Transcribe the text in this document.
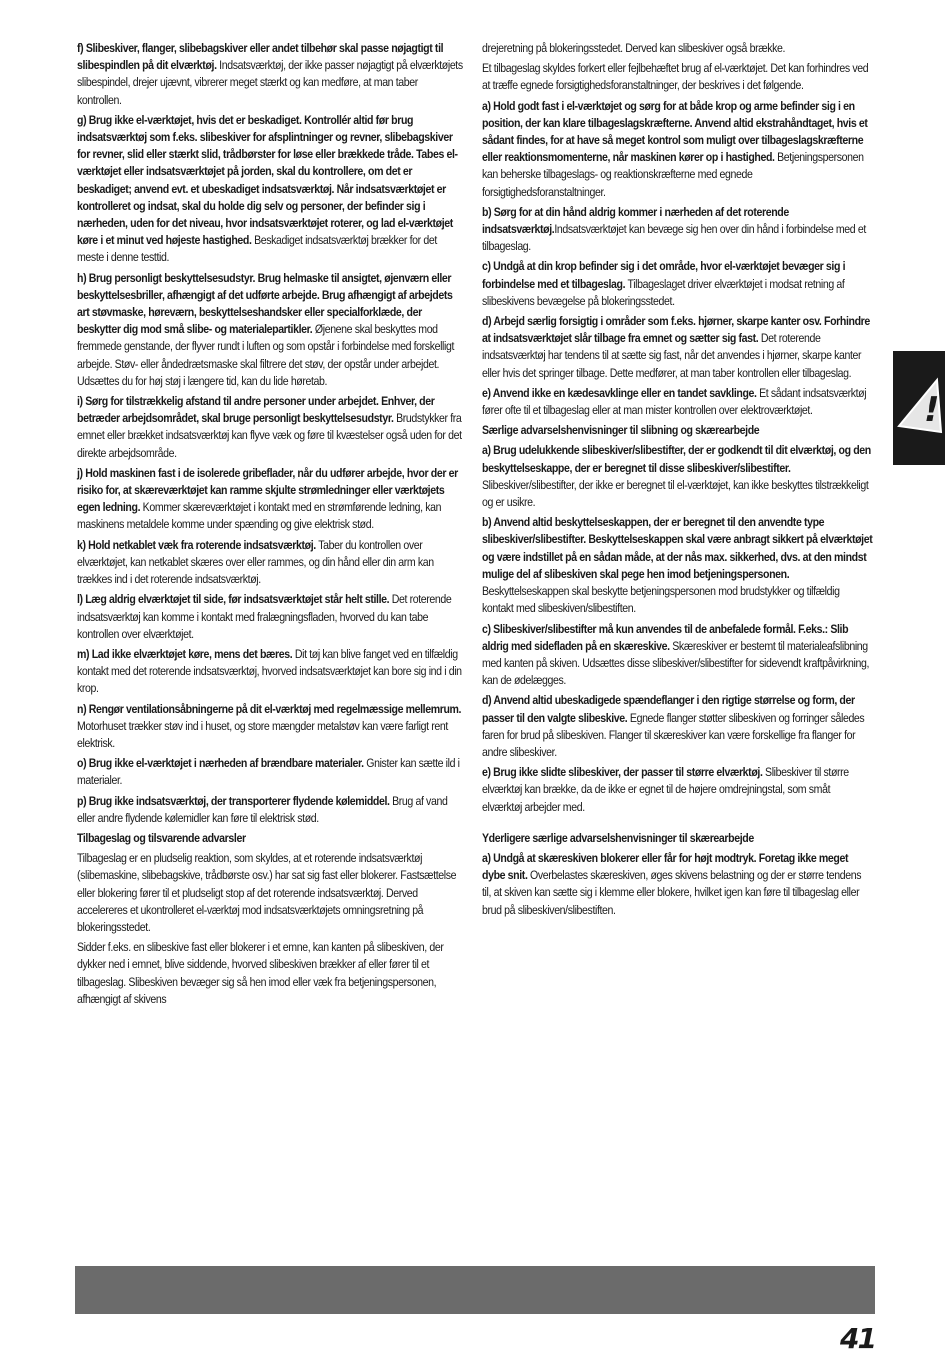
f) Slibeskiver, flanger, slibebagskiver eller andet tilbehør skal passe nøjagtigt til slibespindlen på dit elværktøj. Indsatsværktøj, der ikke passer nøjagtigt på elværktøjets slibespindel, drejer ujævnt, vibrerer meget stærkt og kan medføre, at man taber kontrollen.

g) Brug ikke el-værktøjet, hvis det er beskadiget. Kontrollér altid før brug indsatsværktøj som f.eks. slibeskiver for afsplintninger og revner, slibebagskiver for revner, slid eller stærkt slid, trådbørster for løse eller brækkede tråde. Tabes el-værktøjet eller indsatsværktøjet på jorden, skal du kontrollere, om det er beskadiget; anvend evt. et ubeskadiget indsatsværktøj. Når indsatsværktøjet er kontrolleret og indsat, skal du holde dig selv og personer, der befinder sig i nærheden, uden for det niveau, hvor indsatsværktøjet roterer, og lad el-værktøjet køre i et minut ved højeste hastighed. Beskadiget indsatsværktøj brækker for det meste i denne testtid.

h) Brug personligt beskyttelsesudstyr. Brug helmaske til ansigtet, øjenværn eller beskyttelsesbriller, afhængigt af det udførte arbejde. Brug afhængigt af arbejdets art støvmaske, høreværn, beskyttelseshandsker eller specialforklæde, der beskytter dig mod små slibe- og materialepartikler. Øjenene skal beskyttes mod fremmede genstande, der flyver rundt i luften og som opstår i forbindelse med forskelligt arbejde. Støv- eller åndedrætsmaske skal filtrere det støv, der opstår under arbejdet. Udsættes du for høj støj i længere tid, kan du lide høretab.

i) Sørg for tilstrækkelig afstand til andre personer under arbejdet. Enhver, der betræder arbejdsområdet, skal bruge personligt beskyttelsesudstyr. Brudstykker fra emnet eller brækket indsatsværktøj kan flyve væk og føre til kvæstelser også uden for det direkte arbejdsområde.

j) Hold maskinen fast i de isolerede gribeflader, når du udfører arbejde, hvor der er risiko for, at skæreværktøjet kan ramme skjulte strømledninger eller værktøjets egen ledning. Kommer skæreværktøjet i kontakt med en strømførende ledning, kan maskinens metaldele komme under spænding og give elektrisk stød.

k) Hold netkablet væk fra roterende indsatsværktøj. Taber du kontrollen over elværktøjet, kan netkablet skæres over eller rammes, og din hånd eller din arm kan trækkes ind i det roterende indsatsværktøj.

l) Læg aldrig elværktøjet til side, før indsatsværktøjet står helt stille. Det roterende indsatsværktøj kan komme i kontakt med fralægningsfladen, hvorved du kan tabe kontrollen over elværktøjet.

m) Lad ikke elværktøjet køre, mens det bæres. Dit tøj kan blive fanget ved en tilfældig kontakt med det roterende indsatsværktøj, hvorved indsatsværktøjet kan bore sig ind i din krop.

n) Rengør ventilationsåbningerne på dit el-værktøj med regelmæssige mellemrum. Motorhuset trækker støv ind i huset, og store mængder metalstøv kan være farligt rent elektrisk.

o) Brug ikke el-værktøjet i nærheden af brændbare materialer. Gnister kan sætte ild i materialer.

p) Brug ikke indsatsværktøj, der transporterer flydende kølemiddel. Brug af vand eller andre flydende kølemidler kan føre til elektrisk stød.

Tilbageslag og tilsvarende advarsler

Tilbageslag er en pludselig reaktion, som skyldes, at et roterende indsatsværktøj (slibemaskine, slibebagskive, trådbørste osv.) har sat sig fast eller blokerer. Fastsættelse eller blokering fører til et pludseligt stop af det roterende indsatsværktøj. Derved accelereres et ukontrolleret el-værktøj mod indsatsværktøjets omningsretning på blokeringsstedet.

Sidder f.eks. en slibeskive fast eller blokerer i et emne, kan kanten på slibeskiven, der dykker ned i emnet, blive siddende, hvorved slibeskiven brækker af eller fører til et tilbageslag. Slibeskiven bevæger sig så hen imod eller væk fra betjeningspersonen, afhængigt af skivens

drejeretning på blokeringsstedet. Derved kan slibeskiver også brække.

Et tilbageslag skyldes forkert eller fejlbehæftet brug af el-værktøjet. Det kan forhindres ved at træffe egnede forsigtighedsforanstaltninger, der beskrives i det følgende.

a) Hold godt fast i el-værktøjet og sørg for at både krop og arme befinder sig i en position, der kan klare tilbageslagskræfterne. Anvend altid ekstrahåndtaget, hvis et sådant findes, for at have så meget kontrol som muligt over tilbageslagskræfterne eller reaktionsmomenterne, når maskinen kører op i hastighed. Betjeningspersonen kan beherske tilbageslags- og reaktionskræfterne med egnede forsigtighedsforanstaltninger.

b) Sørg for at din hånd aldrig kommer i nærheden af det roterende indsatsværktøj.Indsatsværktøjet kan bevæge sig hen over din hånd i forbindelse med et tilbageslag.

c) Undgå at din krop befinder sig i det område, hvor el-værktøjet bevæger sig i forbindelse med et tilbageslag. Tilbageslaget driver elværktøjet i modsat retning af slibeskivens bevægelse på blokeringsstedet.

d) Arbejd særlig forsigtig i områder som f.eks. hjørner, skarpe kanter osv. Forhindre at indsatsværktøjet slår tilbage fra emnet og sætter sig fast. Det roterende indsatsværktøj har tendens til at sætte sig fast, når det anvendes i hjørner, skarpe kanter eller hvis det springer tilbage. Dette medfører, at man taber kontrollen eller tilbageslag.

e) Anvend ikke en kædesavklinge eller en tandet savklinge. Et sådant indsatsværktøj fører ofte til et tilbageslag eller at man mister kontrollen over elektroværktøjet.

Særlige advarselshenvisninger til slibning og skærearbejde

a) Brug udelukkende slibeskiver/slibestifter, der er godkendt til dit elværktøj, og den beskyttelseskappe, der er beregnet til disse slibeskiver/slibestifter. Slibeskiver/slibestifter, der ikke er beregnet til el-værktøjet, kan ikke beskyttes tilstrækkeligt og er usikre.

b) Anvend altid beskyttelseskappen, der er beregnet til den anvendte type slibeskiver/slibestifter. Beskyttelseskappen skal være anbragt sikkert på elværktøjet og være indstillet på en sådan måde, at der nås max. sikkerhed, dvs. at den mindst mulige del af slibeskiven skal pege hen imod betjeningspersonen. Beskyttelseskappen skal beskytte betjeningspersonen mod brudstykker og tilfældig kontakt med slibeskiven/slibestiften.

c) Slibeskiver/slibestifter må kun anvendes til de anbefalede formål. F.eks.: Slib aldrig med sidefladen på en skæreskive. Skæreskiver er bestemt til materialeafslibning med kanten på skiven. Udsættes disse slibeskiver/slibestifter for sidevendt kraftpåvirkning, kan de ødelægges.

d) Anvend altid ubeskadigede spændeflanger i den rigtige størrelse og form, der passer til den valgte slibeskive. Egnede flanger støtter slibeskiven og forringer således faren for brud på slibeskiven. Flanger til skæreskiver kan være forskellige fra flanger for andre slibeskiver.

e) Brug ikke slidte slibeskiver, der passer til større elværktøj. Slibeskiver til større elværktøj kan brække, da de ikke er egnet til de højere omdrejningstal, som småt elværktøj arbejder med.

Yderligere særlige advarselshenvisninger til skærearbejde

a) Undgå at skæreskiven blokerer eller får for højt modtryk. Foretag ikke meget dybe snit. Overbelastes skæreskiven, øges skivens belastning og der er større tendens til, at skiven kan sætte sig i klemme eller blokere, hvilket igen kan føre til tilbageslag eller brud på slibeskiven/slibestiften.

!
41
